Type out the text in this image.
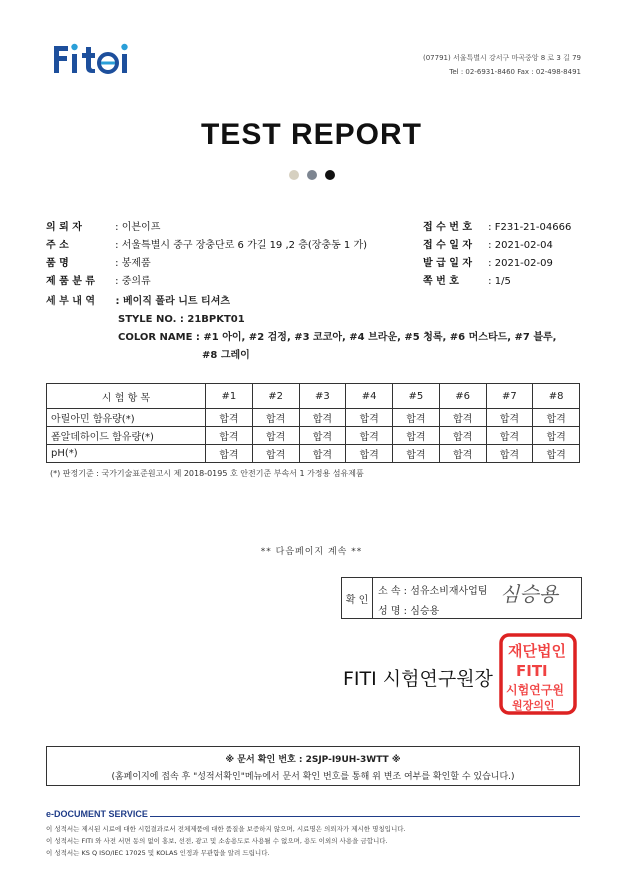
(07791) 서울특별시 강서구 마곡중앙 8 로 3 길 79
Tel : 02-6931-8460 Fax : 02-498-8491
TEST REPORT
의 뢰 자	: 이븐이프
주 소	: 서울특별시 중구 장충단로 6 가길 19 ,2 층(장충동 1 가)
품 명	: 봉제품
제 품 분 류 : 중의류
접 수 번 호 : F231-21-04666
접 수 일 자 : 2021-02-04
발 급 일 자 : 2021-02-09
쪽 번 호	: 1/5
세 부 내 역 : 베이직 폴라 니트 티셔츠
STYLE NO. : 21BPKT01
COLOR NAME : #1 아이, #2 검정, #3 코코아, #4 브라운, #5 청록, #6 머스타드, #7 블루,
#8 그레이
시 험 항 목	#1	#2	#3	#4	#5	#6	#7	#8
아릴아민 함유량(*)	합격	합격	합격	합격	합격	합격	합격	합격
폼알데하이드 함유량(*)	합격	합격	합격	합격	합격	합격	합격	합격
pH(*)	합격	합격	합격	합격	합격	합격	합격	합격
(*) 판정기준 : 국가기술표준원고시 제 2018-0195 호 안전기준 부속서 1 가정용 섬유제품
** 다음페이지 계속 **
확 인
소 속 : 섬유소비재사업팀
성 명 : 심승용
심승용
FITI 시험연구원장
재단법인
FITI
시험연구원
원장의인
※ 문서 확인 번호 : 2SJP-I9UH-3WTT ※
(홈페이지에 접속 후 "성적서확인"메뉴에서 문서 확인 번호를 통해 위 변조 여부를 확인할 수 있습니다.)
e-DOCUMENT SERVICE
이 성적서는 제시된 시료에 대한 시험결과로서 전체제품에 대한 품질을 보증하지 않으며, 시료명은 의뢰자가 제시한 명칭입니다.
이 성적서는 FITI 와 사전 서면 동의 없이 홍보, 선전, 광고 및 소송용도로 사용될 수 없으며, 용도 이외의 사용을 금합니다.
이 성적서는 KS Q ISO/IEC 17025 및 KOLAS 인정과 무관함을 알려 드립니다.
